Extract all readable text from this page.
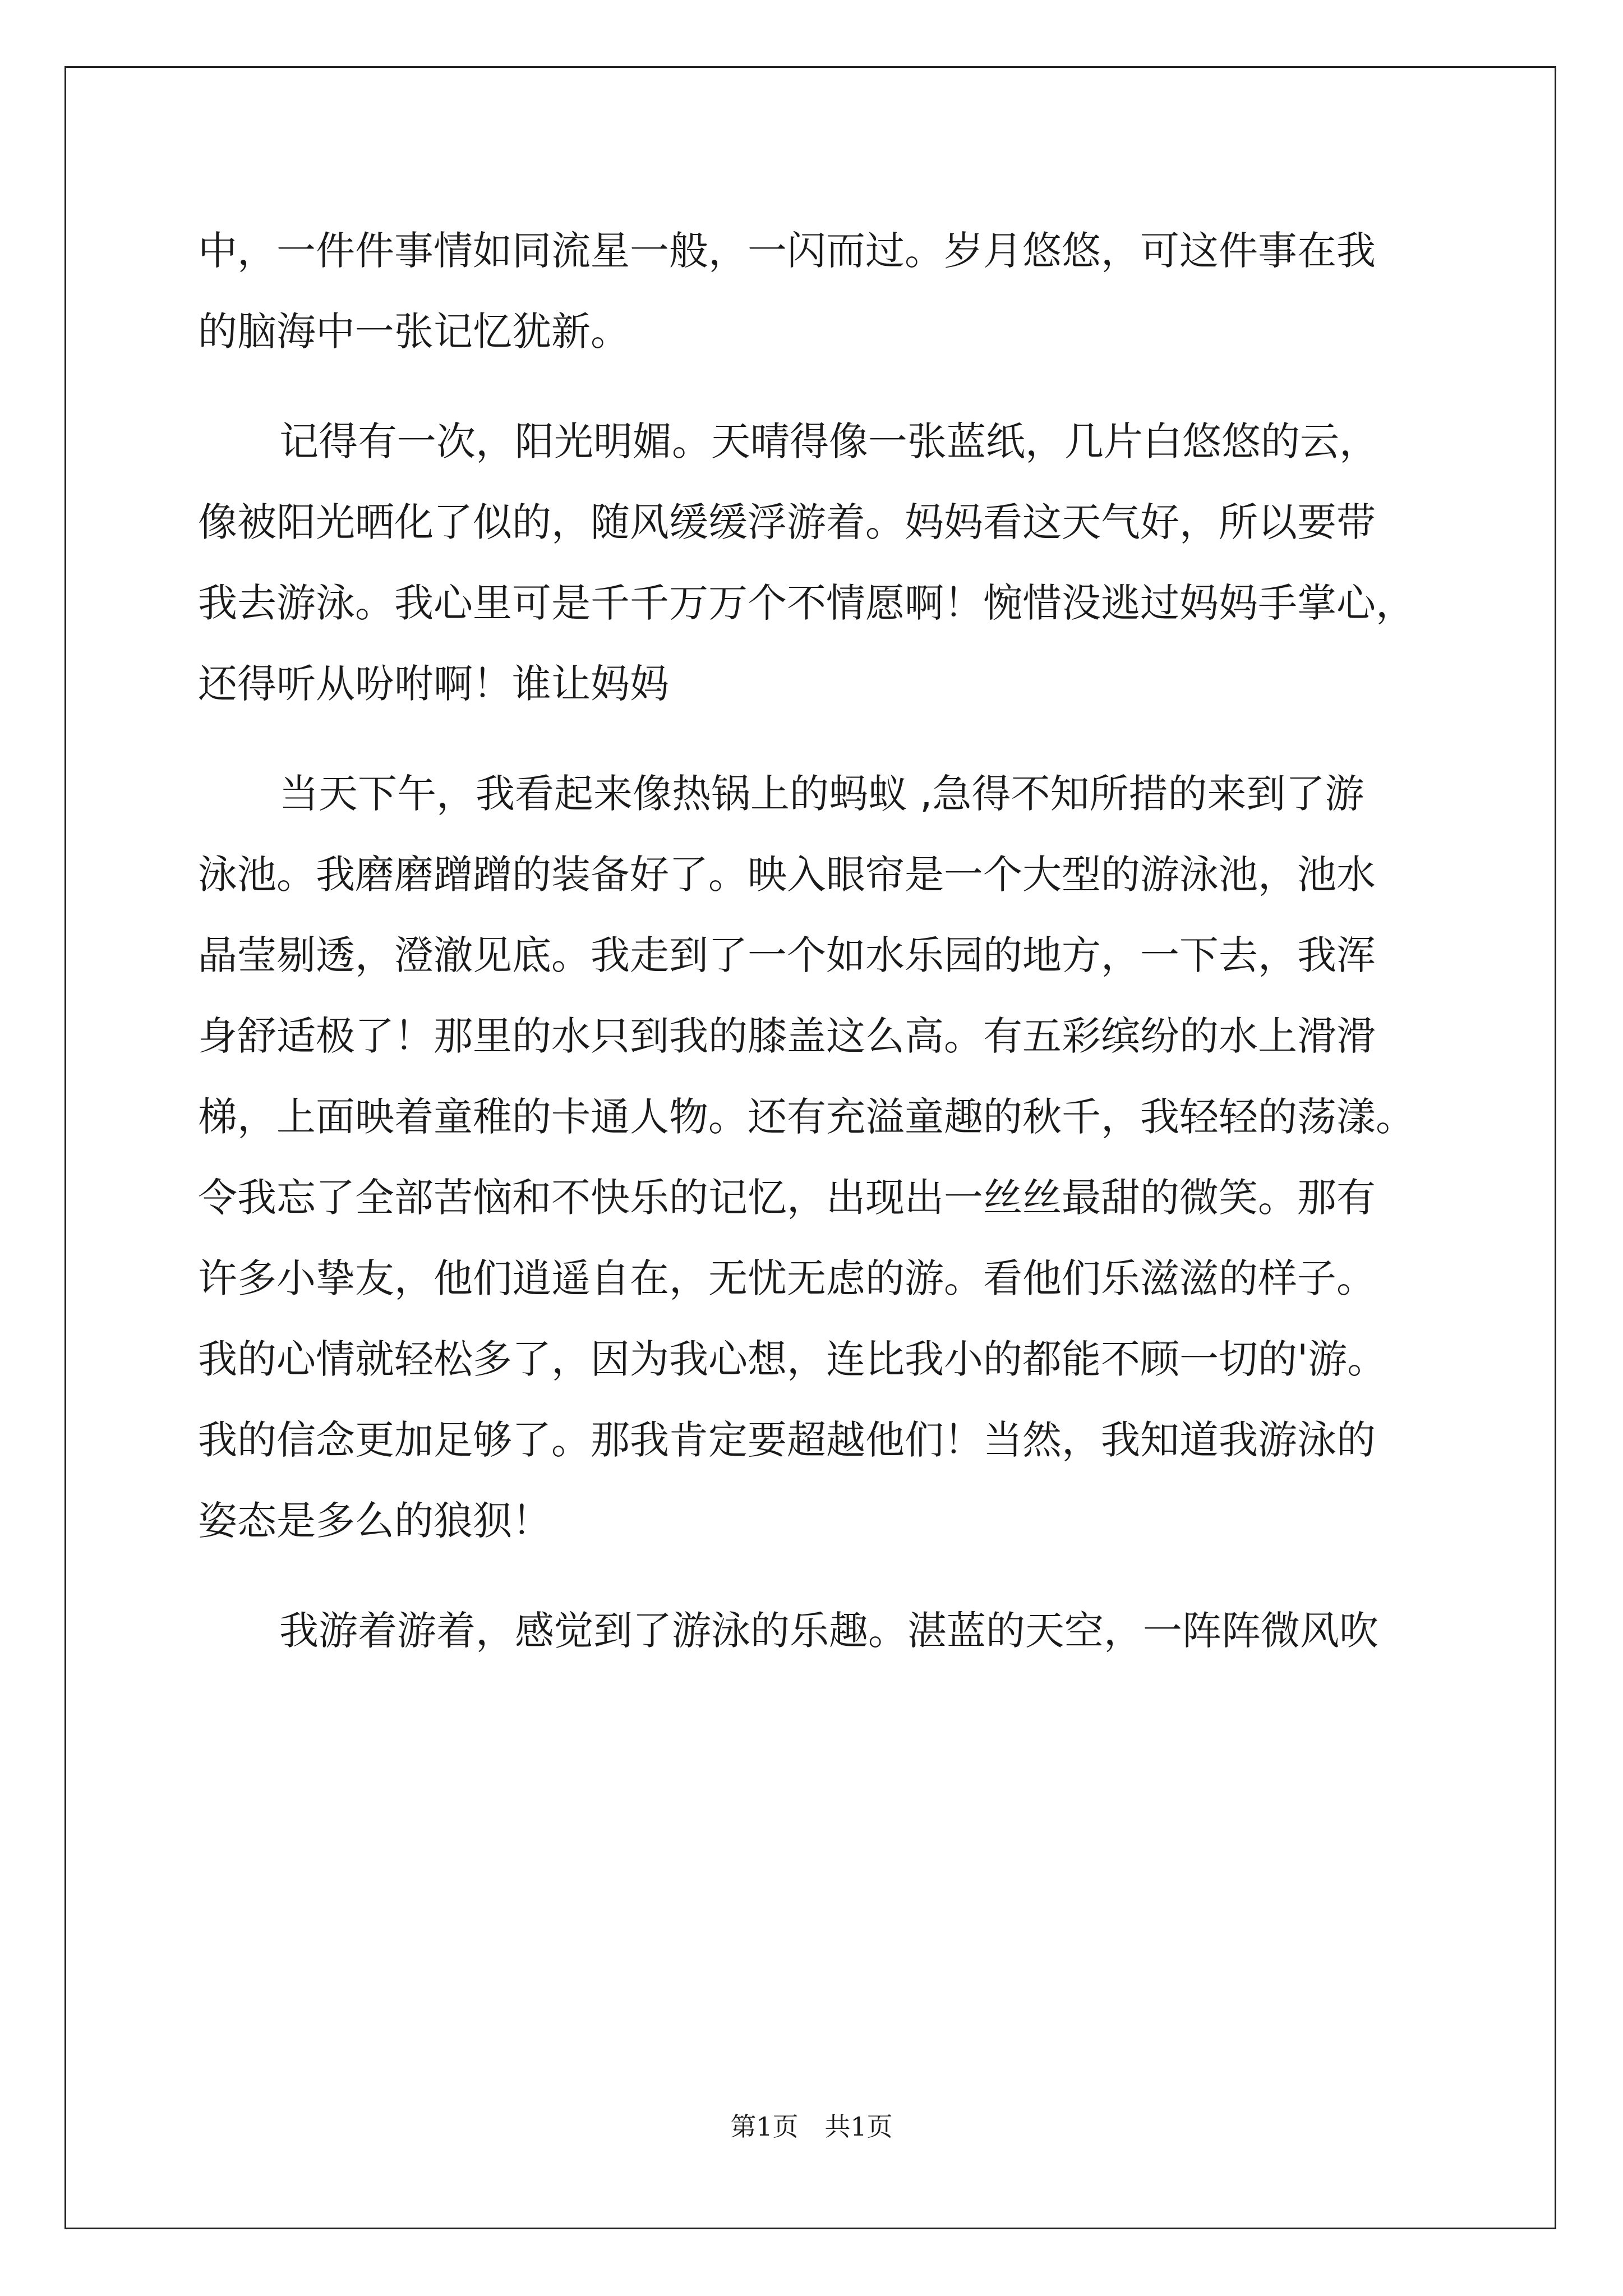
中，一件件事情如同流星一般，一闪而过。岁月悠悠，可这件事在我
的脑海中一张记忆犹新。
记得有一次，阳光明媚。天晴得像一张蓝纸，几片白悠悠的云，
像被阳光晒化了似的，随风缓缓浮游着。妈妈看这天气好，所以要带
我去游泳。我心里可是千千万万个不情愿啊！惋惜没逃过妈妈手掌心，
还得听从吩咐啊！谁让妈妈
当天下午，我看起来像热锅上的蚂蚁 ,急得不知所措的来到了游
泳池。我磨磨蹭蹭的装备好了。映入眼帘是一个大型的游泳池，池水
晶莹剔透，澄澈见底。我走到了一个如水乐园的地方，一下去，我浑
身舒适极了！那里的水只到我的膝盖这么高。有五彩缤纷的水上滑滑
梯，上面映着童稚的卡通人物。还有充溢童趣的秋千，我轻轻的荡漾。
令我忘了全部苦恼和不快乐的记忆，出现出一丝丝最甜的微笑。那有
许多小挚友，他们逍遥自在，无忧无虑的游。看他们乐滋滋的样子。
我的心情就轻松多了，因为我心想，连比我小的都能不顾一切的'游。
我的信念更加足够了。那我肯定要超越他们！当然，我知道我游泳的
姿态是多么的狼狈！
我游着游着，感觉到了游泳的乐趣。湛蓝的天空，一阵阵微风吹
第1页 共1页
